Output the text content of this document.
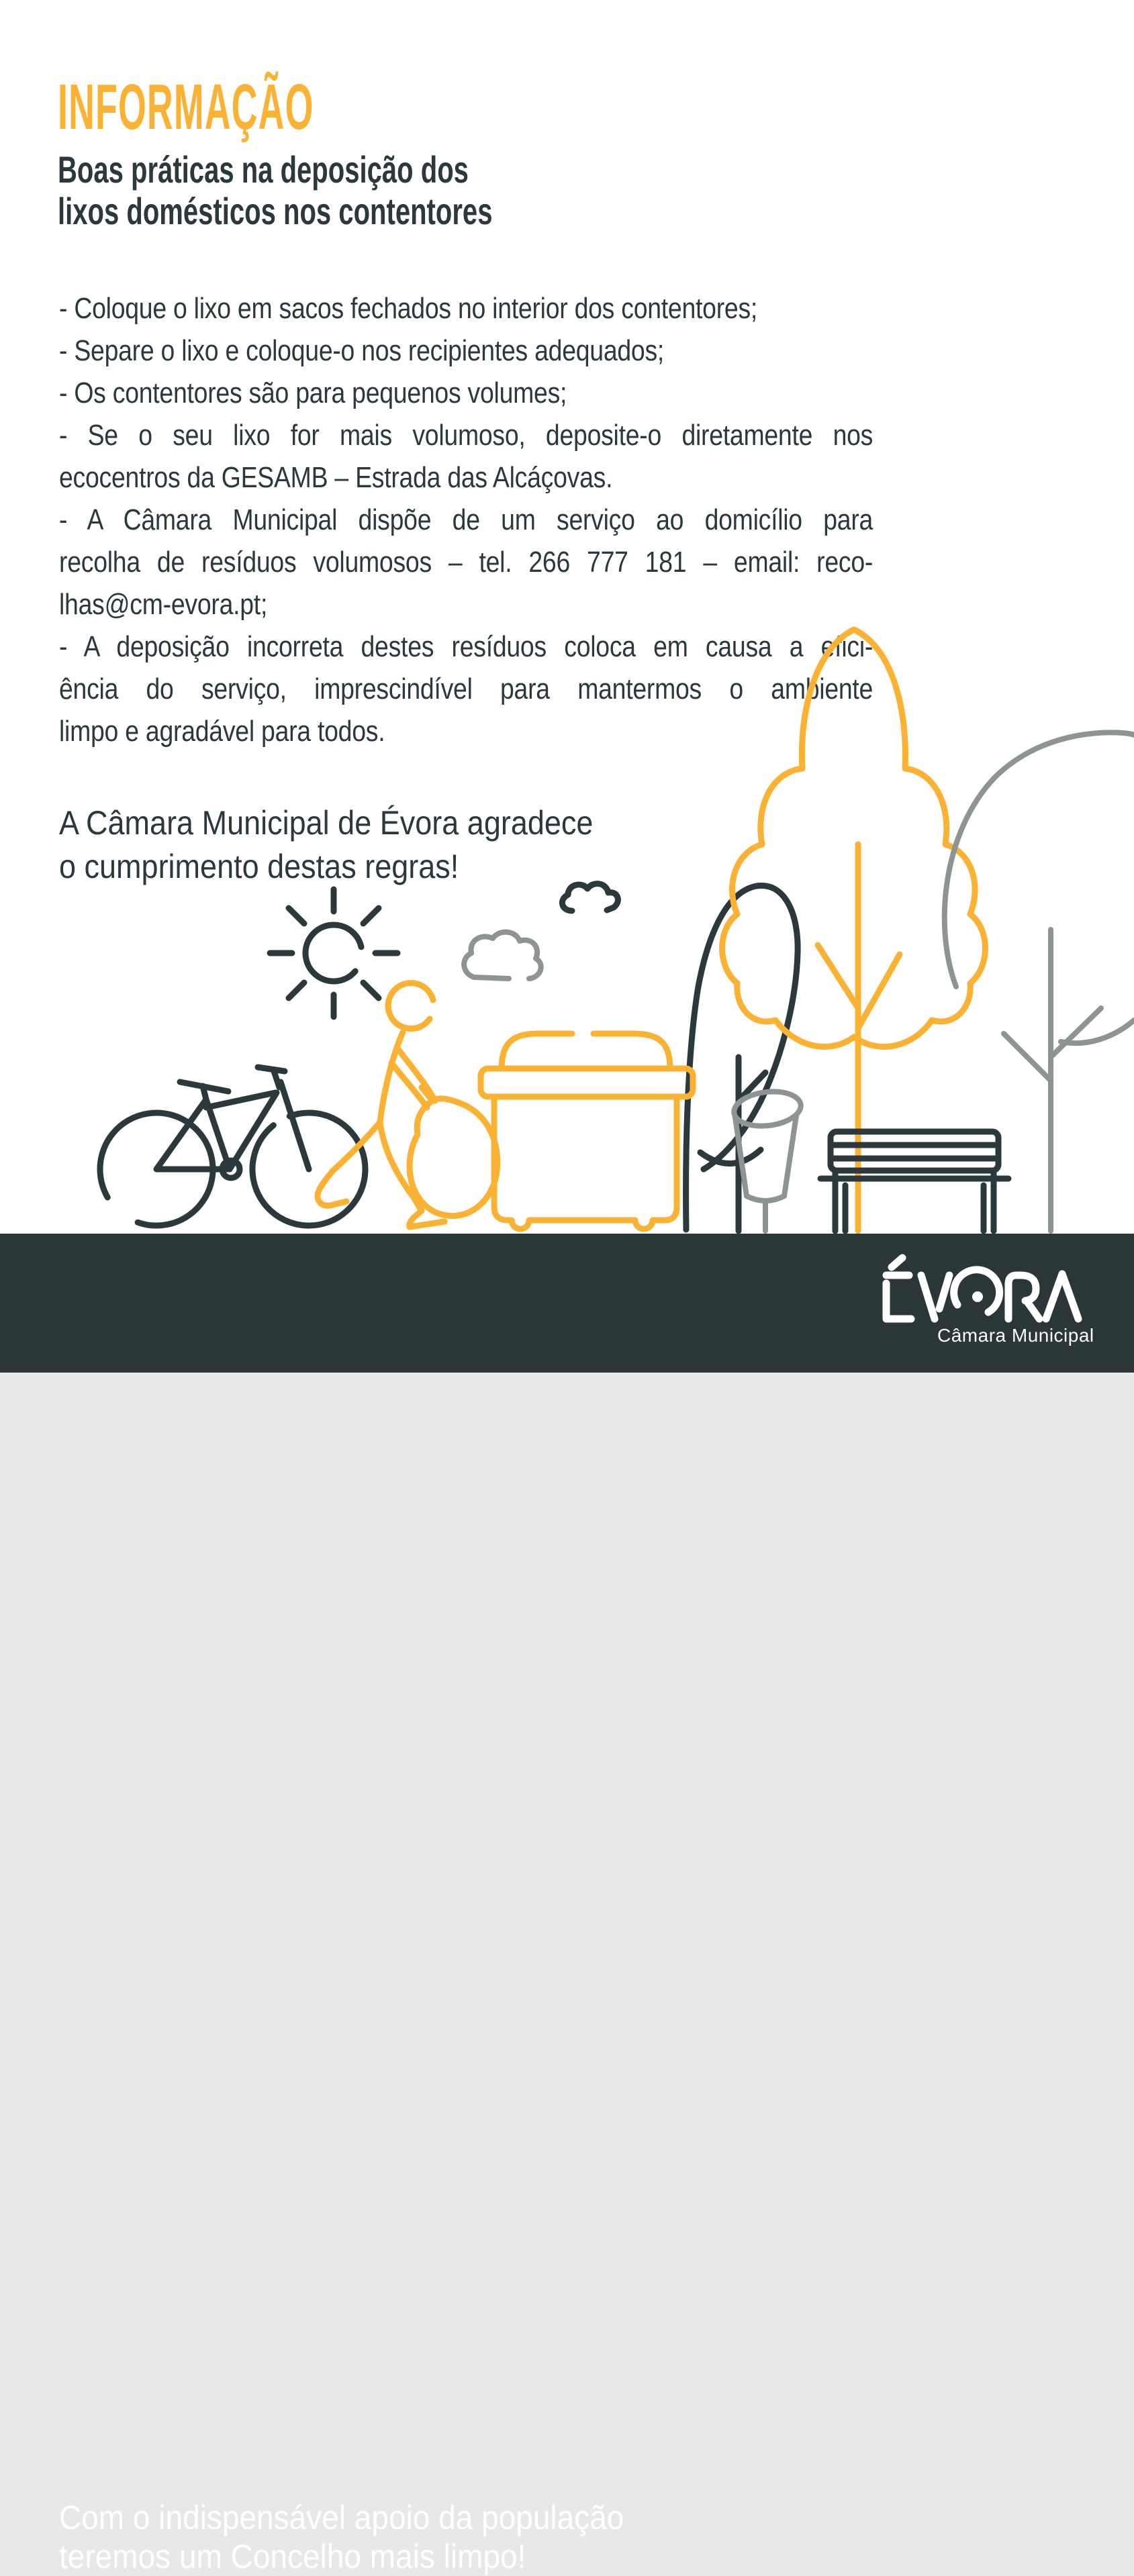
INFORMAÇÃO
Boas práticas na deposição dos
lixos domésticos nos contentores
- Coloque o lixo em sacos fechados no interior dos contentores;
- Separe o lixo e coloque-o nos recipientes adequados;
- Os contentores são para pequenos volumes;
- Se o seu lixo for mais volumoso, deposite-o diretamente nos
ecocentros da GESAMB – Estrada das Alcáçovas.
- A Câmara Municipal dispõe de um serviço ao domicílio para
recolha de resíduos volumosos – tel. 266 777 181 – email: reco-
lhas@cm-evora.pt;
- A deposição incorreta destes resíduos coloca em causa a efici-
ência do serviço, imprescindível para mantermos o ambiente
limpo e agradável para todos.
A Câmara Municipal de Évora agradece
o cumprimento destas regras!
Com o indispensável apoio da população
teremos um Concelho mais limpo!
Câmara Municipal
